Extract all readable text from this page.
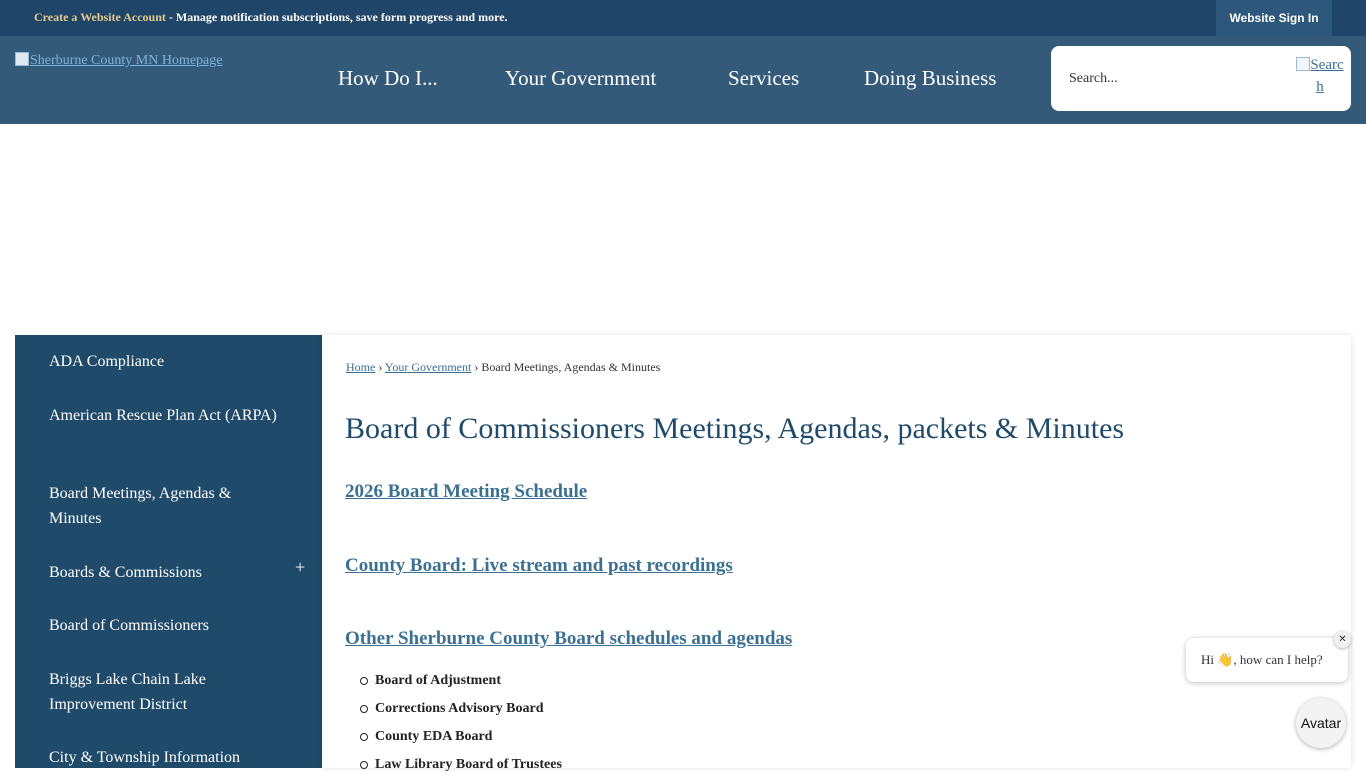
Create a Website Account - Manage notification subscriptions, save form progress and more.	Website Sign In
Sherburne County MN Homepage
How Do I...	Your Government	Services	Doing Business
Search...
Search
ADA Compliance
American Rescue Plan Act (ARPA)
Board Meetings, Agendas & Minutes
Boards & Commissions	+
Board of Commissioners
Briggs Lake Chain Lake Improvement District
City & Township Information
Home › Your Government › Board Meetings, Agendas & Minutes
Board of Commissioners Meetings, Agendas, packets & Minutes
2026 Board Meeting Schedule
County Board: Live stream and past recordings
Other Sherburne County Board schedules and agendas
Board of Adjustment
Corrections Advisory Board
County EDA Board
Law Library Board of Trustees
Hi 👋, how can I help?
✕
Avatar
